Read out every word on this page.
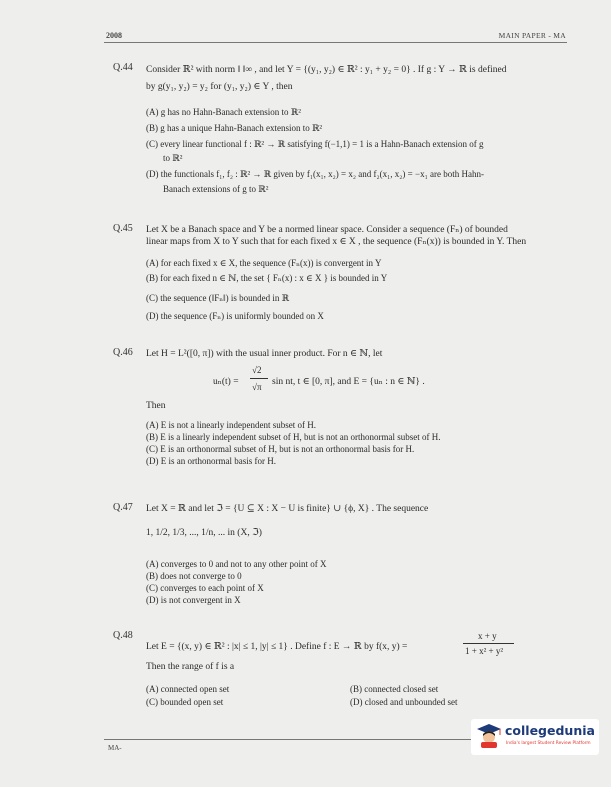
2008	MAIN PAPER - MA
Q.44 Consider ℝ² with norm ‖ ‖∞ , and let Y = {(y₁, y₂) ∈ ℝ² : y₁ + y₂ = 0} . If g : Y → ℝ is defined
by g(y₁, y₂) = y₂ for (y₁, y₂) ∈ Y , then
(A) g has no Hahn-Banach extension to ℝ²
(B) g has a unique Hahn-Banach extension to ℝ²
(C) every linear functional f : ℝ² → ℝ satisfying f(−1,1) = 1 is a Hahn-Banach extension of g
to ℝ²
(D) the functionals f₁, f₂ : ℝ² → ℝ given by f₁(x₁, x₂) = x₂ and f₂(x₁, x₂) = −x₁ are both Hahn-
Banach extensions of g to ℝ²
Q.45 Let X be a Banach space and Y be a normed linear space. Consider a sequence (Fₙ) of bounded
linear maps from X to Y such that for each fixed x ∈ X , the sequence (Fₙ(x)) is bounded in Y. Then
(A) for each fixed x ∈ X, the sequence (Fₙ(x)) is convergent in Y
(B) for each fixed n ∈ ℕ, the set { Fₙ(x) : x ∈ X } is bounded in Y
(C) the sequence (‖Fₙ‖) is bounded in ℝ
(D) the sequence (Fₙ) is uniformly bounded on X
Q.46 Let H = L²([0, π]) with the usual inner product. For n ∈ ℕ, let
uₙ(t) =
√2
√π sin nt, t ∈ [0, π], and E = {uₙ : n ∈ ℕ} .
Then
(A) E is not a linearly independent subset of H.
(B) E is a linearly independent subset of H, but is not an orthonormal subset of H.
(C) E is an orthonormal subset of H, but is not an orthonormal basis for H.
(D) E is an orthonormal basis for H.
Q.47 Let X = ℝ and let ℑ = {U ⊆ X : X − U is finite} ∪ {ϕ, X} . The sequence
1, 1/2, 1/3, ..., 1/n, ... in (X, ℑ)
(A) converges to 0 and not to any other point of X
(B) does not converge to 0
(C) converges to each point of X
(D) is not convergent in X
Q.48
Let E = {(x, y) ∈ ℝ² : |x| ≤ 1, |y| ≤ 1} . Define f : E → ℝ by f(x, y) =
x + y
1 + x² + y²
Then the range of f is a
(A) connected open set	(B) connected closed set
(C) bounded open set	(D) closed and unbounded set
MA-
collegedunia
India's largest Student Review Platform
